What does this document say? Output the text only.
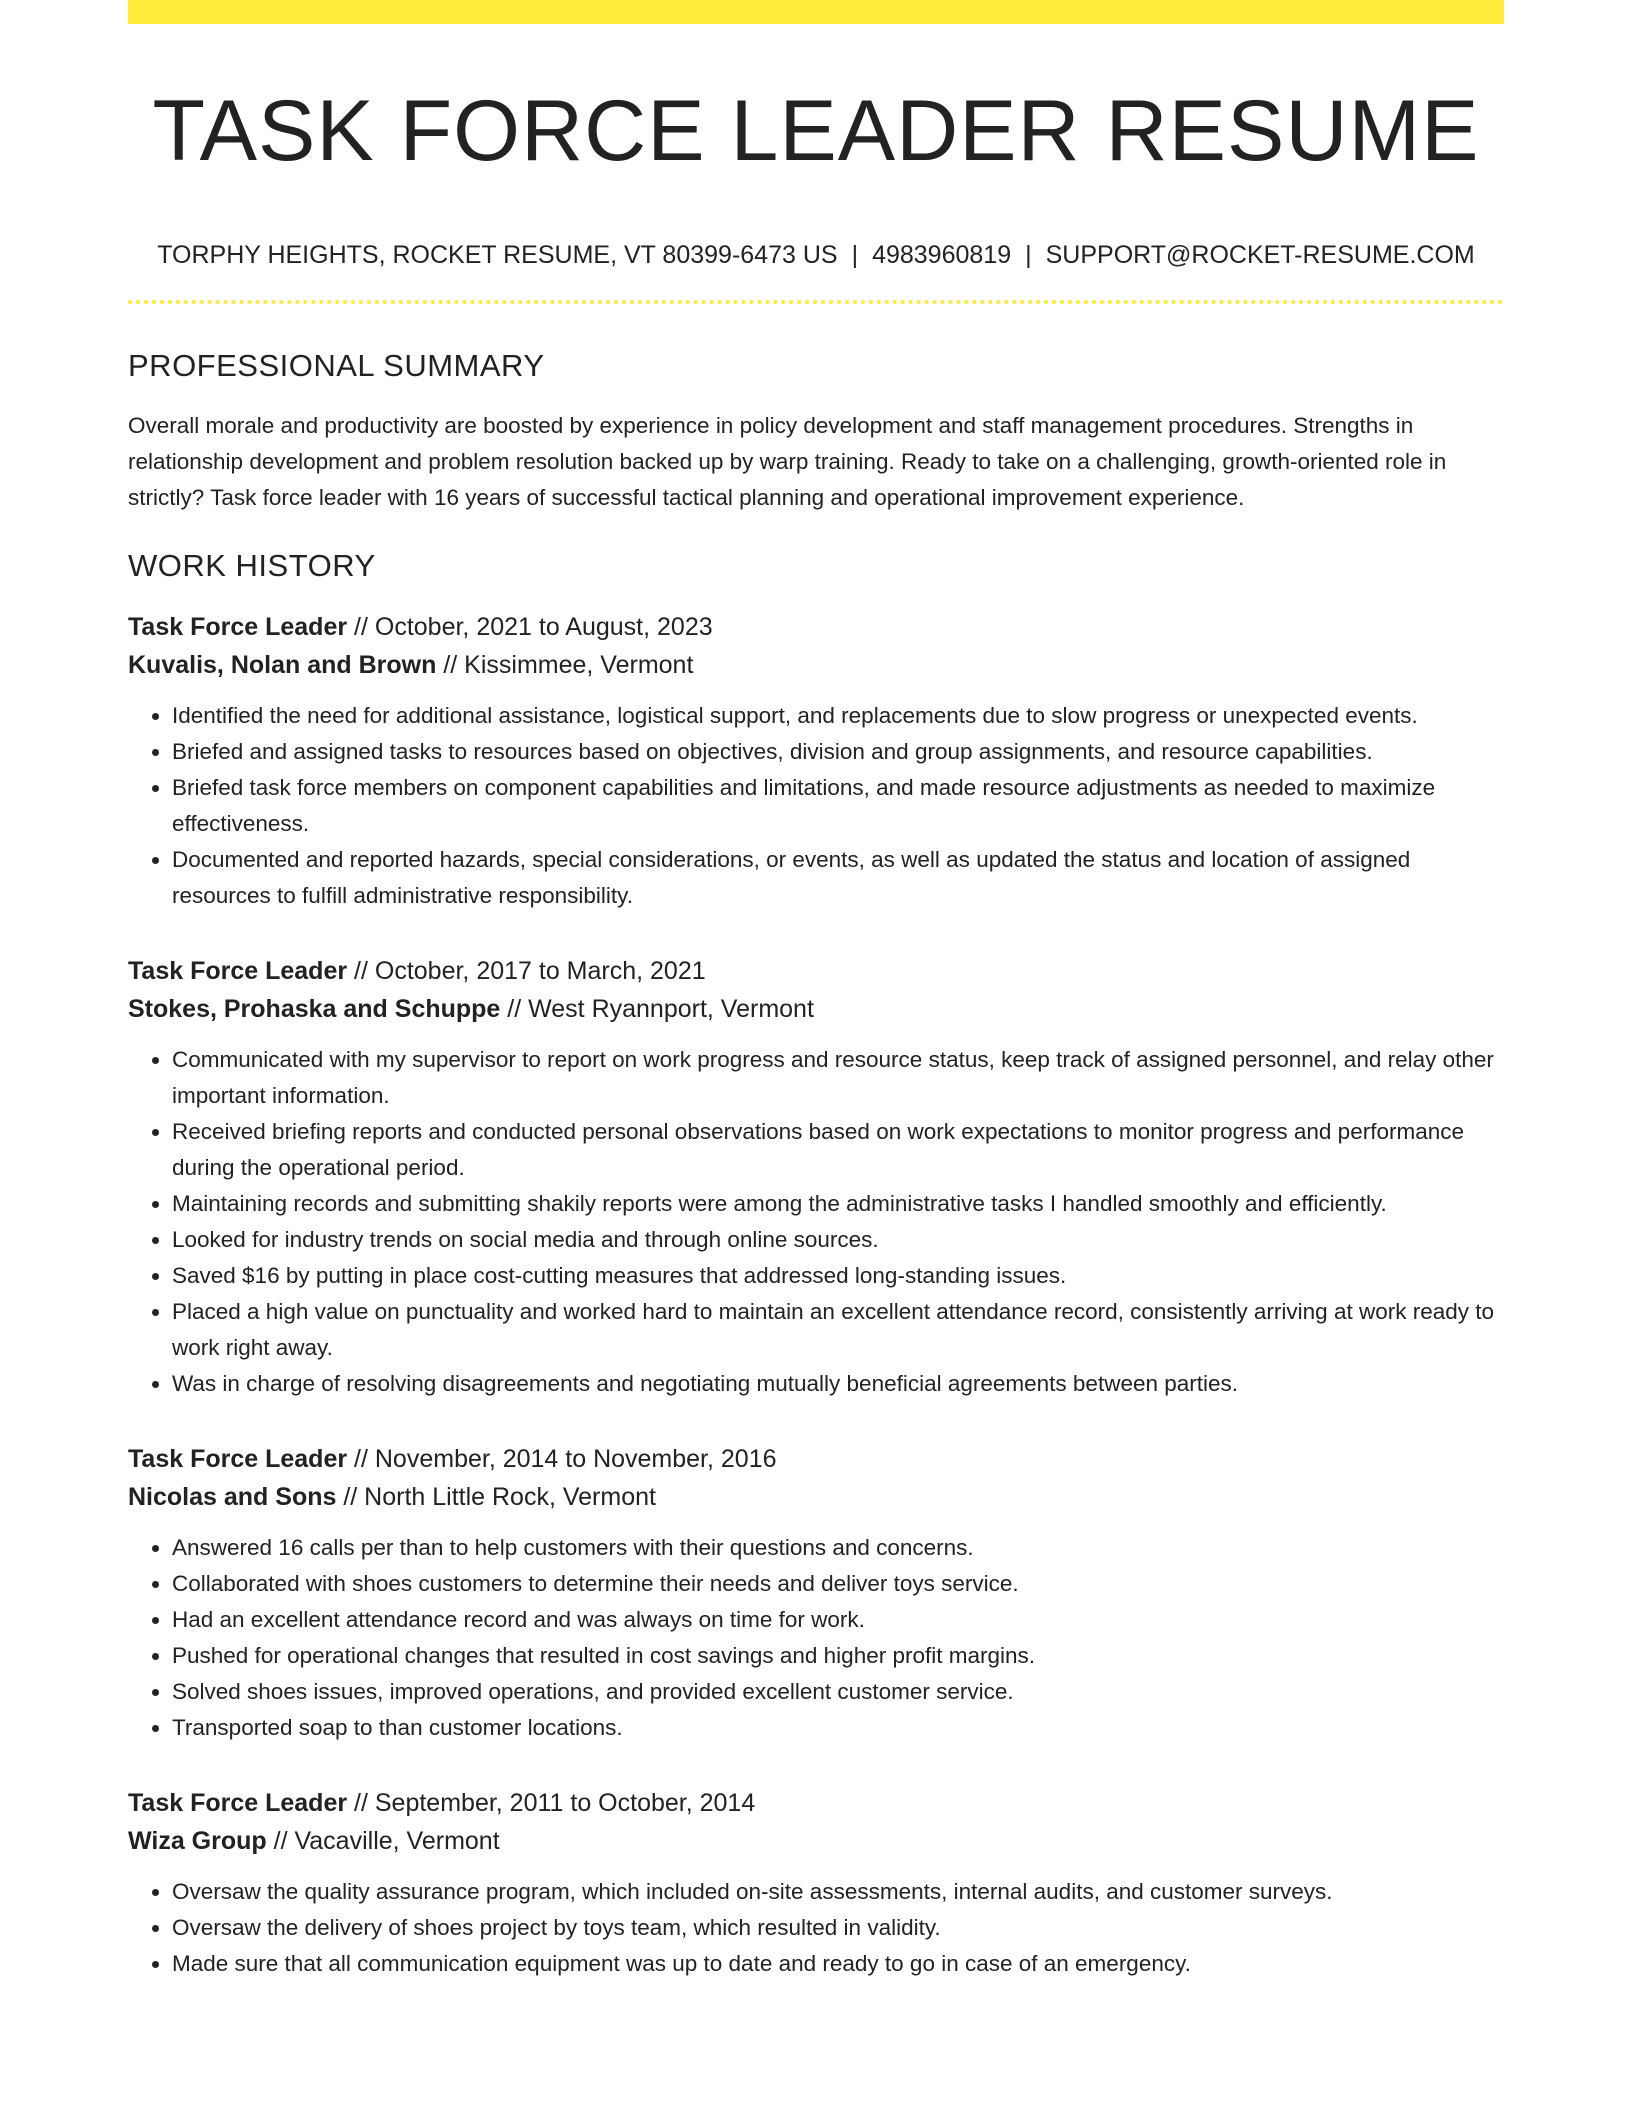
TASK FORCE LEADER RESUME
TORPHY HEIGHTS, ROCKET RESUME, VT 80399-6473 US | 4983960819 | SUPPORT@ROCKET-RESUME.COM
PROFESSIONAL SUMMARY

Overall morale and productivity are boosted by experience in policy development and staff management procedures. Strengths in relationship development and problem resolution backed up by warp training. Ready to take on a challenging, growth-oriented role in strictly? Task force leader with 16 years of successful tactical planning and operational improvement experience.

WORK HISTORY
Task Force Leader // October, 2021 to August, 2023
Kuvalis, Nolan and Brown // Kissimmee, Vermont
• Identified the need for additional assistance, logistical support, and replacements due to slow progress or unexpected events.
• Briefed and assigned tasks to resources based on objectives, division and group assignments, and resource capabilities.
• Briefed task force members on component capabilities and limitations, and made resource adjustments as needed to maximize effectiveness.
• Documented and reported hazards, special considerations, or events, as well as updated the status and location of assigned resources to fulfill administrative responsibility.
Task Force Leader // October, 2017 to March, 2021
Stokes, Prohaska and Schuppe // West Ryannport, Vermont
• Communicated with my supervisor to report on work progress and resource status, keep track of assigned personnel, and relay other important information.
• Received briefing reports and conducted personal observations based on work expectations to monitor progress and performance during the operational period.
• Maintaining records and submitting shakily reports were among the administrative tasks I handled smoothly and efficiently.
• Looked for industry trends on social media and through online sources.
• Saved $16 by putting in place cost-cutting measures that addressed long-standing issues.
• Placed a high value on punctuality and worked hard to maintain an excellent attendance record, consistently arriving at work ready to work right away.
• Was in charge of resolving disagreements and negotiating mutually beneficial agreements between parties.
Task Force Leader // November, 2014 to November, 2016
Nicolas and Sons // North Little Rock, Vermont
• Answered 16 calls per than to help customers with their questions and concerns.
• Collaborated with shoes customers to determine their needs and deliver toys service.
• Had an excellent attendance record and was always on time for work.
• Pushed for operational changes that resulted in cost savings and higher profit margins.
• Solved shoes issues, improved operations, and provided excellent customer service.
• Transported soap to than customer locations.
Task Force Leader // September, 2011 to October, 2014
Wiza Group // Vacaville, Vermont
• Oversaw the quality assurance program, which included on-site assessments, internal audits, and customer surveys.
• Oversaw the delivery of shoes project by toys team, which resulted in validity.
• Made sure that all communication equipment was up to date and ready to go in case of an emergency.
